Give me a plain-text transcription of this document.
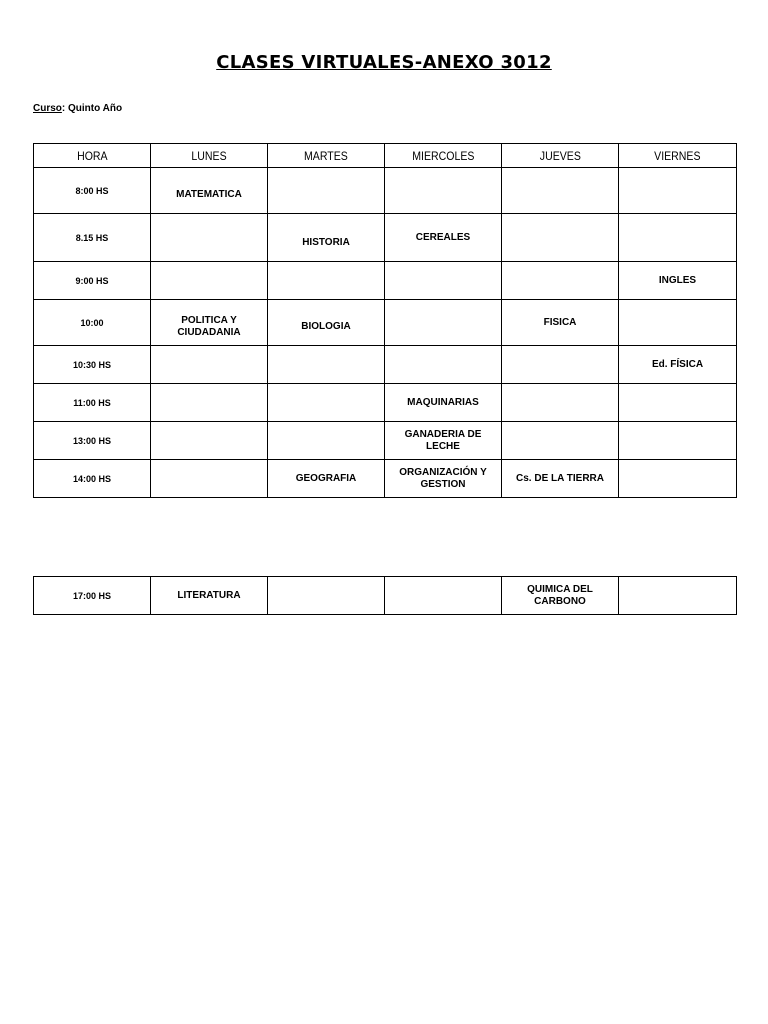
CLASES VIRTUALES-ANEXO 3012
Curso: Quinto Año
HORA	LUNES	MARTES	MIERCOLES	JUEVES	VIERNES
8:00 HS	MATEMATICA				
8.15 HS		HISTORIA	CEREALES		
9:00 HS					INGLES
10:00	POLITICA Y CIUDADANIA	BIOLOGIA		FISICA	
10:30 HS					Ed. FÍSICA
11:00 HS			MAQUINARIAS		
13:00 HS			GANADERIA DE LECHE		
14:00 HS		GEOGRAFIA	ORGANIZACIÓN Y GESTION	Cs. DE LA TIERRA	
17:00 HS	LITERATURA			QUIMICA DEL CARBONO	
